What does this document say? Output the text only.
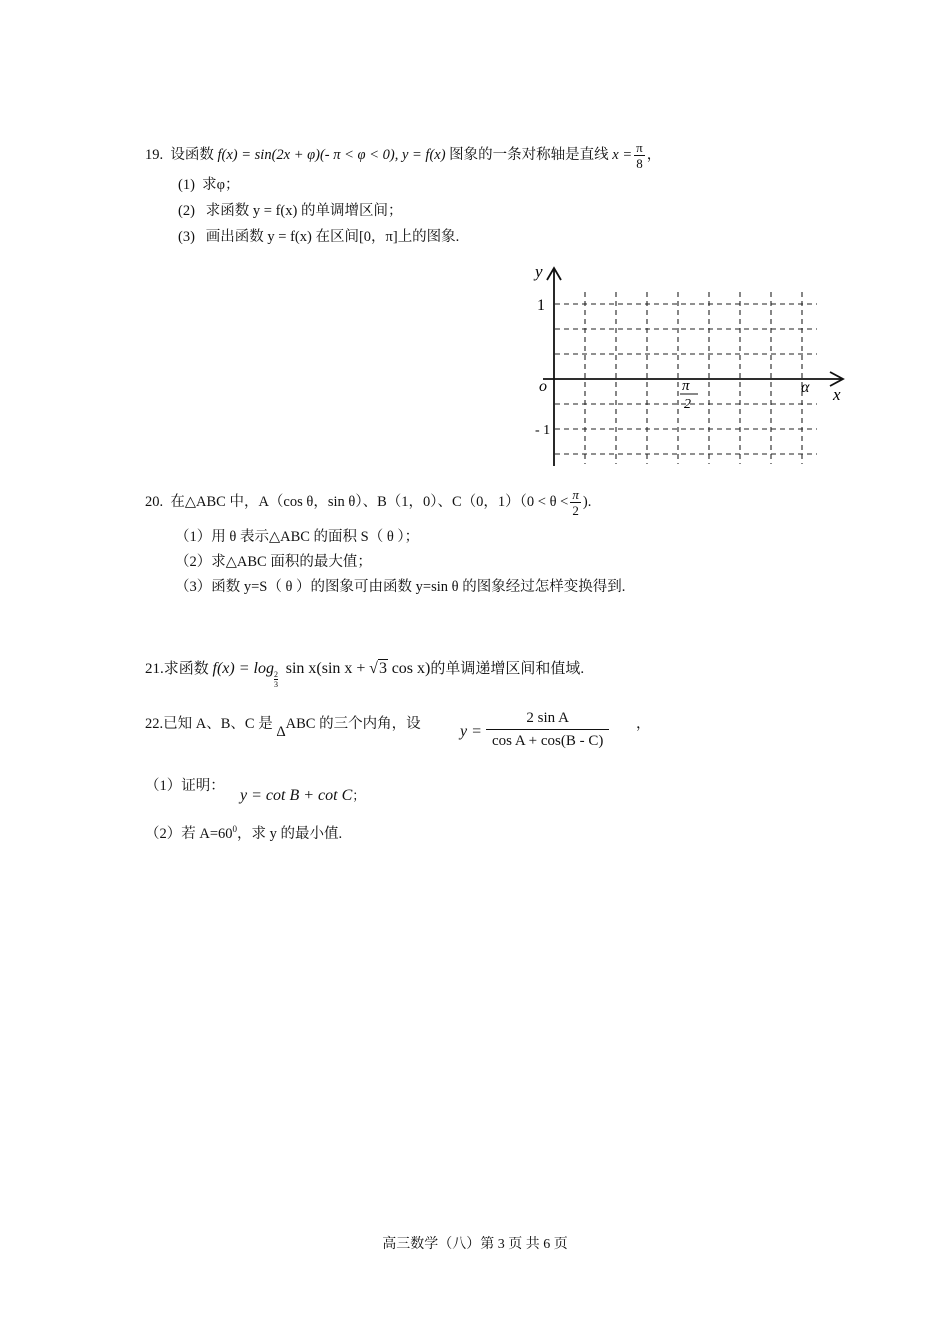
19. 设函数 f(x) = sin(2x + φ)(- π < φ < 0), y = f(x) 图象的一条对称轴是直线 $x = \frac{\pi}{8}$ ，
(1) 求φ；
(2) 求函数 y = f(x) 的单调增区间；
(3) 画出函数 y = f(x) 在区间[0，π]上的图象.
y
x
o
1
- 1
π
2
α
20. 在△ABC 中，A（cos θ，sin θ）、B（1，0）、C（0，$1)(0 < \theta < \frac{\pi}{2}$ ).
（1）用 θ 表示△ABC 的面积 S（ θ ）；
（2）求△ABC 面积的最大值；
（3）函数 y=S（ θ ）的图象可由函数 y=sin θ 的图象经过怎样变换得到.
21.求函数 f(x) = log
$\frac{2}{3}$
sin x(sin x + √3 cos x)的单调递增区间和值域.
22.已知 A、B、C 是 ΔABC 的三个内角，设 y =
2 sin A
cos A + cos(B - C)
，
（1）证明：
y = cot B + cot C；
（2）若 $A=60^0$，求 y 的最小值.
高三数学（八）第 3 页 共 6 页
